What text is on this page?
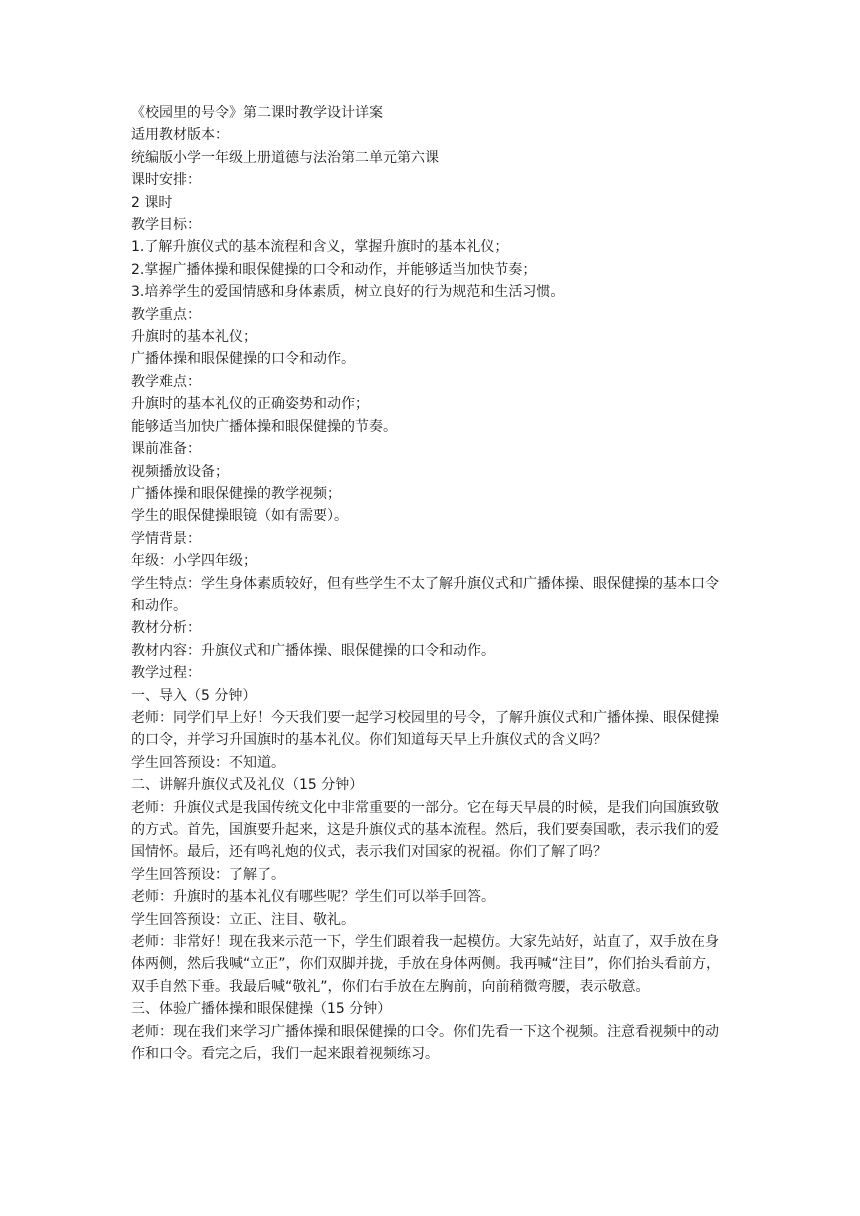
《校园里的号令》第二课时教学设计详案
适用教材版本：
统编版小学一年级上册道德与法治第二单元第六课
课时安排：
2 课时
教学目标：
1.了解升旗仪式的基本流程和含义，掌握升旗时的基本礼仪；
2.掌握广播体操和眼保健操的口令和动作，并能够适当加快节奏；
3.培养学生的爱国情感和身体素质，树立良好的行为规范和生活习惯。
教学重点：
升旗时的基本礼仪；
广播体操和眼保健操的口令和动作。
教学难点：
升旗时的基本礼仪的正确姿势和动作；
能够适当加快广播体操和眼保健操的节奏。
课前准备：
视频播放设备；
广播体操和眼保健操的教学视频；
学生的眼保健操眼镜（如有需要）。
学情背景：
年级：小学四年级；
学生特点：学生身体素质较好，但有些学生不太了解升旗仪式和广播体操、眼保健操的基本口令和动作。
教材分析：
教材内容：升旗仪式和广播体操、眼保健操的口令和动作。
教学过程：
一、导入（5 分钟）
老师：同学们早上好！今天我们要一起学习校园里的号令，了解升旗仪式和广播体操、眼保健操的口令，并学习升国旗时的基本礼仪。你们知道每天早上升旗仪式的含义吗？
学生回答预设：不知道。
二、讲解升旗仪式及礼仪（15 分钟）
老师：升旗仪式是我国传统文化中非常重要的一部分。它在每天早晨的时候，是我们向国旗致敬的方式。首先，国旗要升起来，这是升旗仪式的基本流程。然后，我们要奏国歌，表示我们的爱国情怀。最后，还有鸣礼炮的仪式，表示我们对国家的祝福。你们了解了吗？
学生回答预设：了解了。
老师：升旗时的基本礼仪有哪些呢？学生们可以举手回答。
学生回答预设：立正、注目、敬礼。
老师：非常好！现在我来示范一下，学生们跟着我一起模仿。大家先站好，站直了，双手放在身体两侧，然后我喊“立正”，你们双脚并拢，手放在身体两侧。我再喊“注目”，你们抬头看前方，双手自然下垂。我最后喊“敬礼”，你们右手放在左胸前，向前稍微弯腰，表示敬意。
三、体验广播体操和眼保健操（15 分钟）
老师：现在我们来学习广播体操和眼保健操的口令。你们先看一下这个视频。注意看视频中的动作和口令。看完之后，我们一起来跟着视频练习。
